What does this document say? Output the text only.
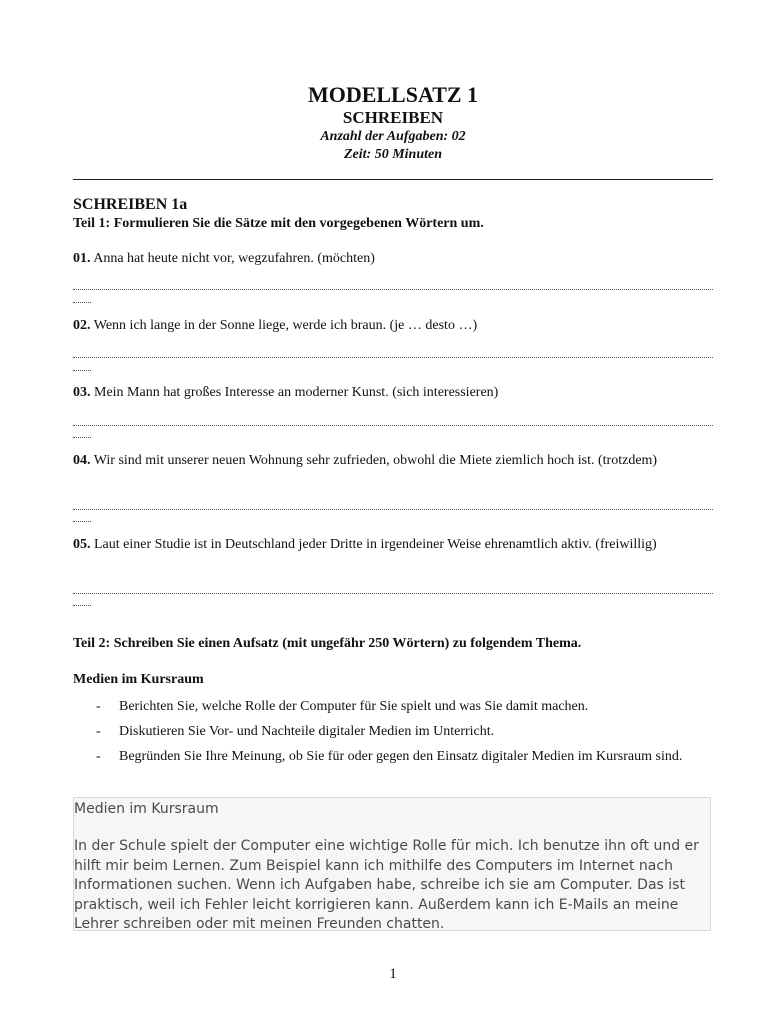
MODELLSATZ 1
SCHREIBEN
Anzahl der Aufgaben: 02
Zeit: 50 Minuten
SCHREIBEN 1a
Teil 1: Formulieren Sie die Sätze mit den vorgegebenen Wörtern um.
01. Anna hat heute nicht vor, wegzufahren. (möchten)
02. Wenn ich lange in der Sonne liege, werde ich braun. (je … desto …)
03. Mein Mann hat großes Interesse an moderner Kunst. (sich interessieren)
04. Wir sind mit unserer neuen Wohnung sehr zufrieden, obwohl die Miete ziemlich hoch ist. (trotzdem)
05. Laut einer Studie ist in Deutschland jeder Dritte in irgendeiner Weise ehrenamtlich aktiv. (freiwillig)
Teil 2: Schreiben Sie einen Aufsatz (mit ungefähr 250 Wörtern) zu folgendem Thema.
Medien im Kursraum
- Berichten Sie, welche Rolle der Computer für Sie spielt und was Sie damit machen.
- Diskutieren Sie Vor- und Nachteile digitaler Medien im Unterricht.
- Begründen Sie Ihre Meinung, ob Sie für oder gegen den Einsatz digitaler Medien im Kursraum sind.
Medien im Kursraum
In der Schule spielt der Computer eine wichtige Rolle für mich. Ich benutze ihn oft und er hilft mir beim Lernen. Zum Beispiel kann ich mithilfe des Computers im Internet nach Informationen suchen. Wenn ich Aufgaben habe, schreibe ich sie am Computer. Das ist praktisch, weil ich Fehler leicht korrigieren kann. Außerdem kann ich E-Mails an meine Lehrer schreiben oder mit meinen Freunden chatten.
1
